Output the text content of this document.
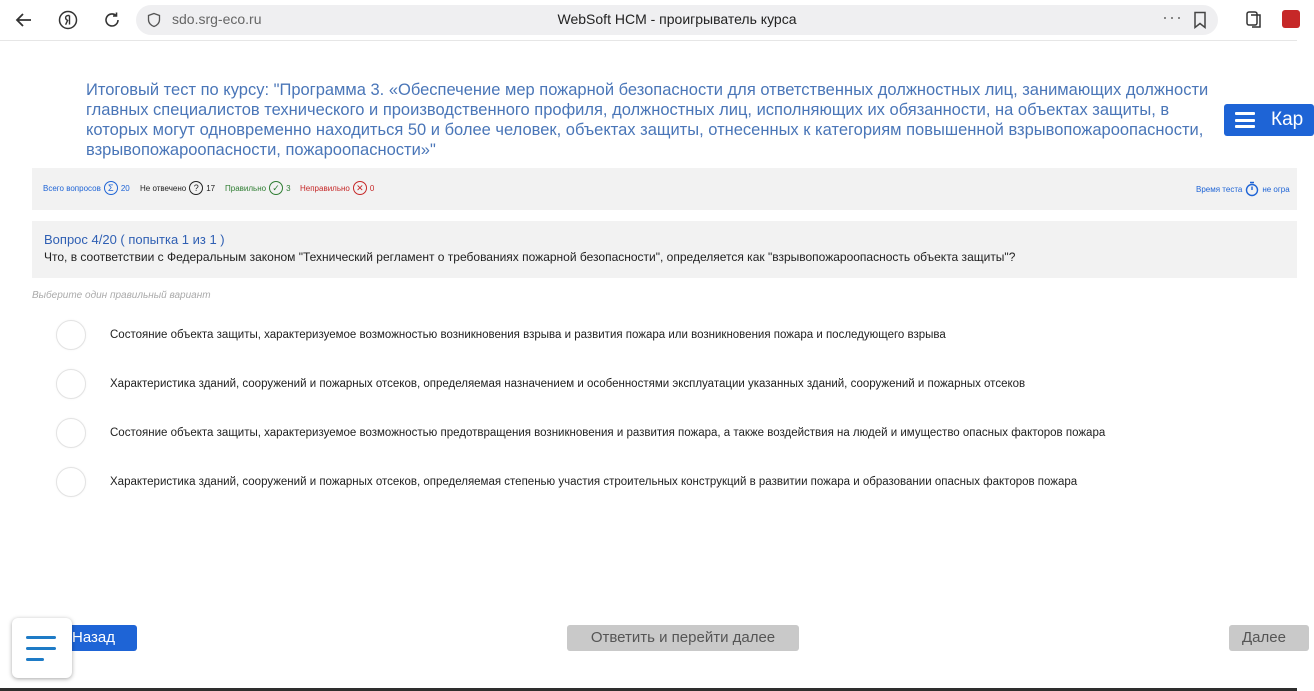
sdo.srg-eco.ru	WebSoft HCM - проигрыватель курса	···
Итоговый тест по курсу: "Программа 3. «Обеспечение мер пожарной безопасности для ответственных должностных лиц, занимающих должности главных специалистов технического и производственного профиля, должностных лиц, исполняющих их обязанности, на объектах защиты, в которых могут одновременно находиться 50 и более человек, объектах защиты, отнесенных к категориям повышенной взрывопожароопасности, взрывопожароопасности, пожароопасности»"
Кар
Всего вопросов Σ 20 Не отвечено ? 17 Правильно ✓ 3 Неправильно ✕ 0	Время теста	не огра
Вопрос 4/20 ( попытка 1 из 1 )
Что, в соответствии с Федеральным законом "Технический регламент о требованиях пожарной безопасности", определяется как "взрывопожароопасность объекта защиты"?
Выберите один правильный вариант
Состояние объекта защиты, характеризуемое возможностью возникновения взрыва и развития пожара или возникновения пожара и последующего взрыва
Характеристика зданий, сооружений и пожарных отсеков, определяемая назначением и особенностями эксплуатации указанных зданий, сооружений и пожарных отсеков
Состояние объекта защиты, характеризуемое возможностью предотвращения возникновения и развития пожара, а также воздействия на людей и имущество опасных факторов пожара
Характеристика зданий, сооружений и пожарных отсеков, определяемая степенью участия строительных конструкций в развитии пожара и образовании опасных факторов пожара
Назад	Ответить и перейти далее	Далее
